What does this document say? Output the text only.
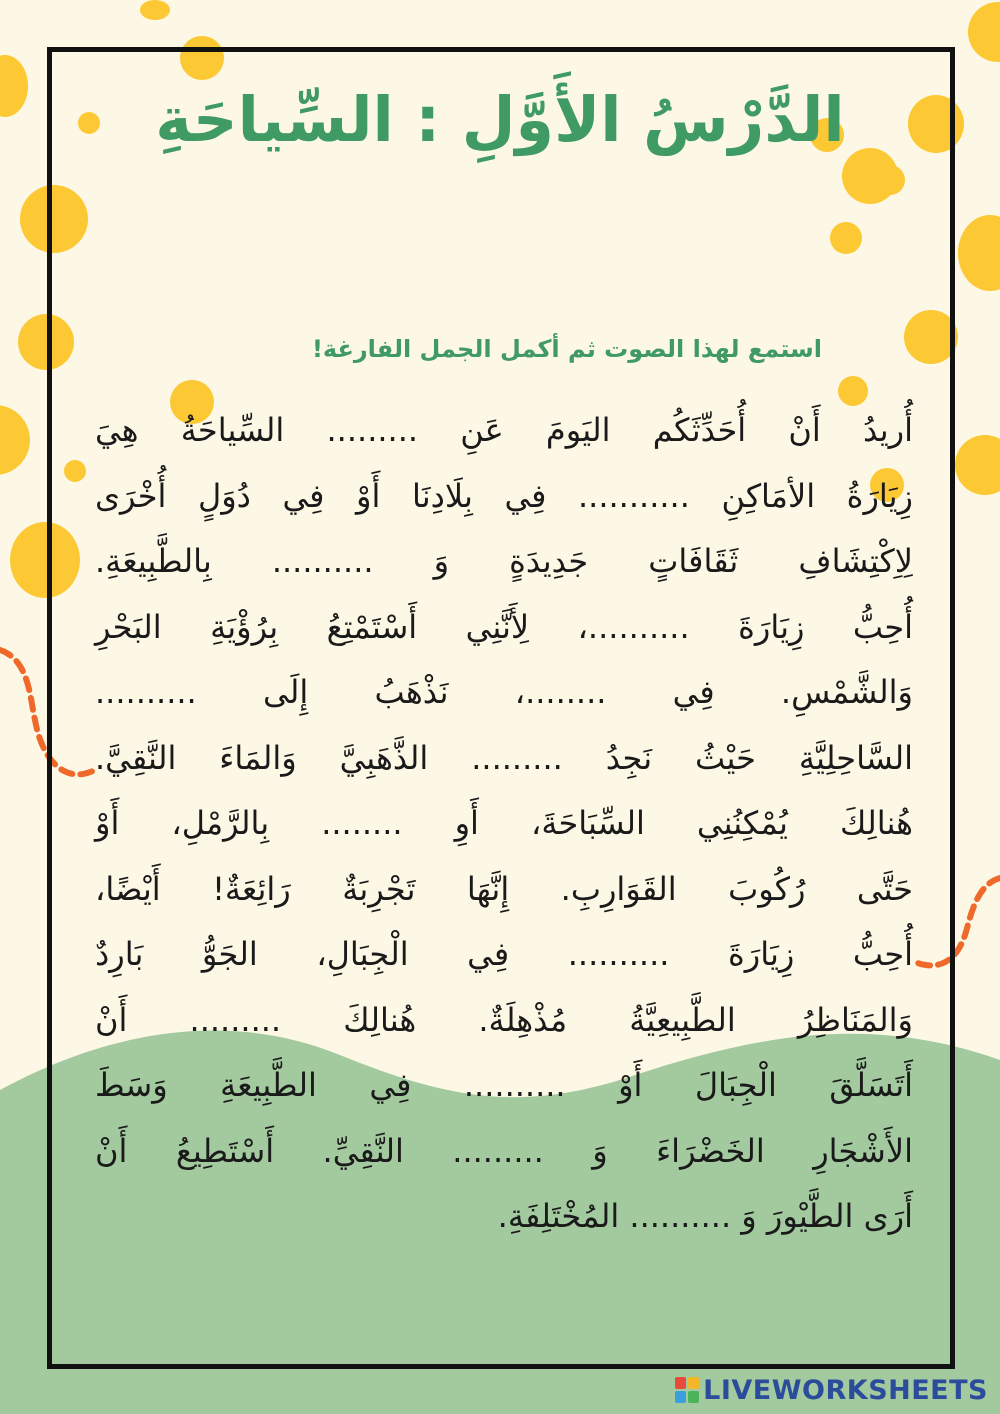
الدَّرْسُ الأَوَّلِ : السِّياحَةِ
استمع لهذا الصوت ثم أكمل الجمل الفارغة!
أُريدُ أَنْ أُحَدِّثَكُم اليَومَ عَنِ ......... السِّياحَةُ هِيَ
زِيَارَةُ الأمَاكِنِ ........... فِي بِلَادِنَا أَوْ فِي دُوَلٍ أُخْرَى
لِاِكْتِشَافِ ثَقَافَاتٍ جَدِيدَةٍ وَ .......... بِالطَّبِيعَةِ.
أُحِبُّ زِيَارَةَ ..........، لِأَنَّنِي أَسْتَمْتِعُ بِرُؤْيَةِ البَحْرِ
وَالشَّمْسِ. فِي ........، نَذْهَبُ إِلَى ..........
السَّاحِلِيَّةِ حَيْثُ نَجِدُ ......... الذَّهَبِيَّ وَالمَاءَ النَّقِيَّ.
هُنالِكَ يُمْكِنُنِي السِّبَاحَةَ، أَوِ ........ بِالرَّمْلِ، أَوْ
حَتَّى رُكُوبَ القَوَارِبِ. إِنَّهَا تَجْرِبَةٌ رَائِعَةٌ! أَيْضًا،
أُحِبُّ زِيَارَةَ .......... فِي الْجِبَالِ، الجَوُّ بَارِدٌ
وَالمَنَاظِرُ الطَّبِيعِيَّةُ مُذْهِلَةٌ. هُنالِكَ ......... أَنْ
أَتَسَلَّقَ الْجِبَالَ أَوْ .......... فِي الطَّبِيعَةِ وَسَطَ
الأَشْجَارِ الخَضْرَاءَ وَ ......... النَّقِيِّ. أَسْتَطِيعُ أَنْ
أَرَى الطَّيْورَ وَ .......... المُخْتَلِفَةِ.
LIVEWORKSHEETS
